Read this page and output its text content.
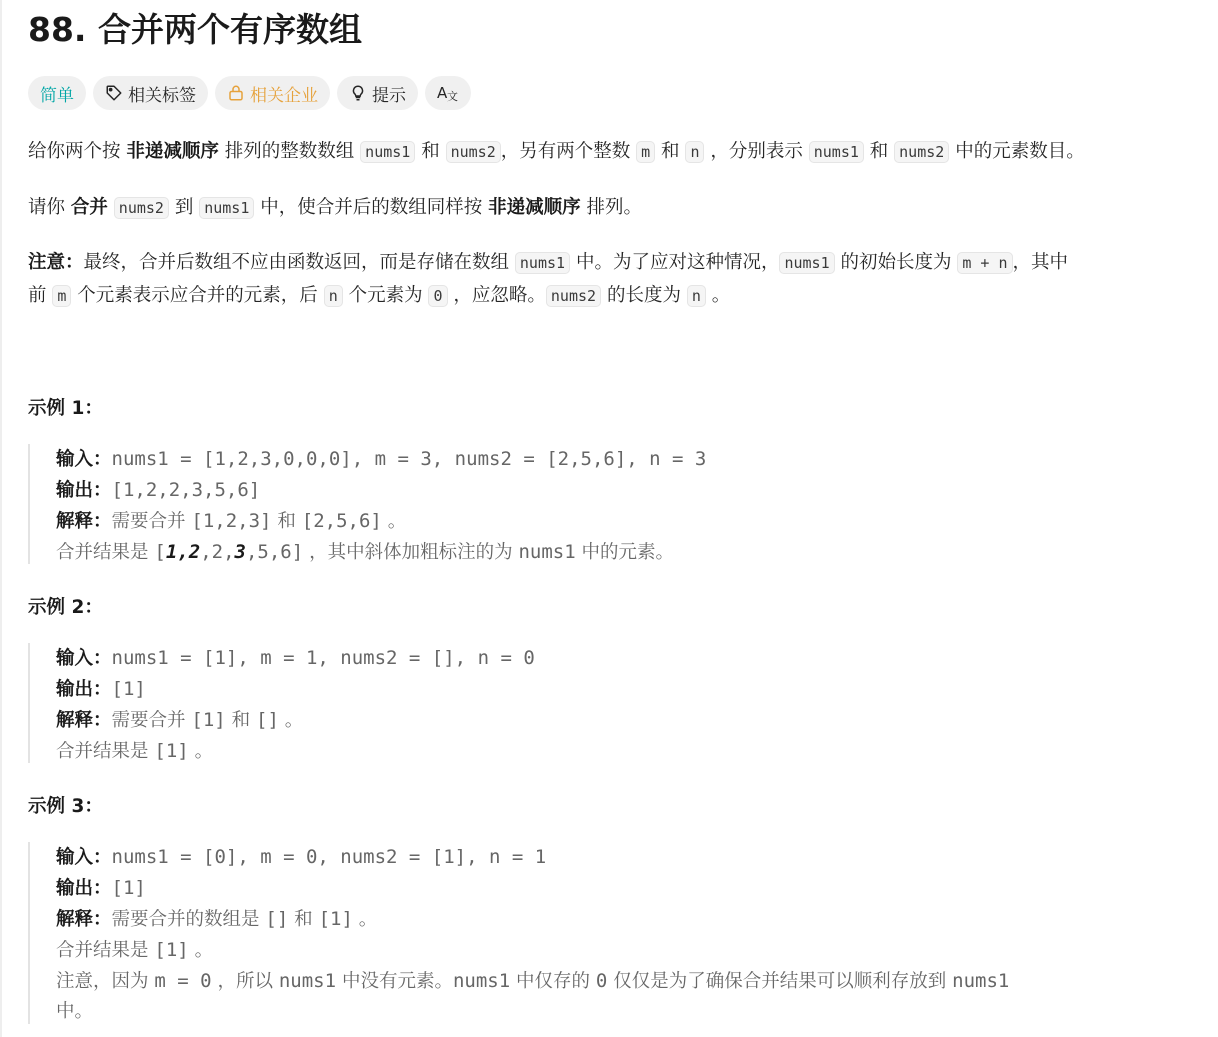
88. 合并两个有序数组
简单	相关标签	相关企业	提示 A 文
给你两个按 非递减顺序 排列的整数数组 nums1 和 nums2 ，另有两个整数 m 和 n ，分别表示 nums1 和 nums2 中的元素数目。
请你 合并 nums2 到 nums1 中，使合并后的数组同样按 非递减顺序 排列。
注意：最终，合并后数组不应由函数返回，而是存储在数组 nums1 中。为了应对这种情况， nums1 的初始长度为 m + n ，其中
前 m 个元素表示应合并的元素，后 n 个元素为 0 ，应忽略。 nums2 的长度为 n 。
示例 1：
输入：nums1 = [1,2,3,0,0,0], m = 3, nums2 = [2,5,6], n = 3
输出：[1,2,2,3,5,6]
解释：需要合并 [1,2,3] 和 [2,5,6] 。
合并结果是 [1,2,2,3,5,6] ，其中斜体加粗标注的为 nums1 中的元素。
示例 2：
输入：nums1 = [1], m = 1, nums2 = [], n = 0
输出：[1]
解释：需要合并 [1] 和 [] 。
合并结果是 [1] 。
示例 3：
输入：nums1 = [0], m = 0, nums2 = [1], n = 1
输出：[1]
解释：需要合并的数组是 [] 和 [1] 。
合并结果是 [1] 。
注意，因为 m = 0 ，所以 nums1 中没有元素。nums1 中仅存的 0 仅仅是为了确保合并结果可以顺利存放到 nums1
中。
